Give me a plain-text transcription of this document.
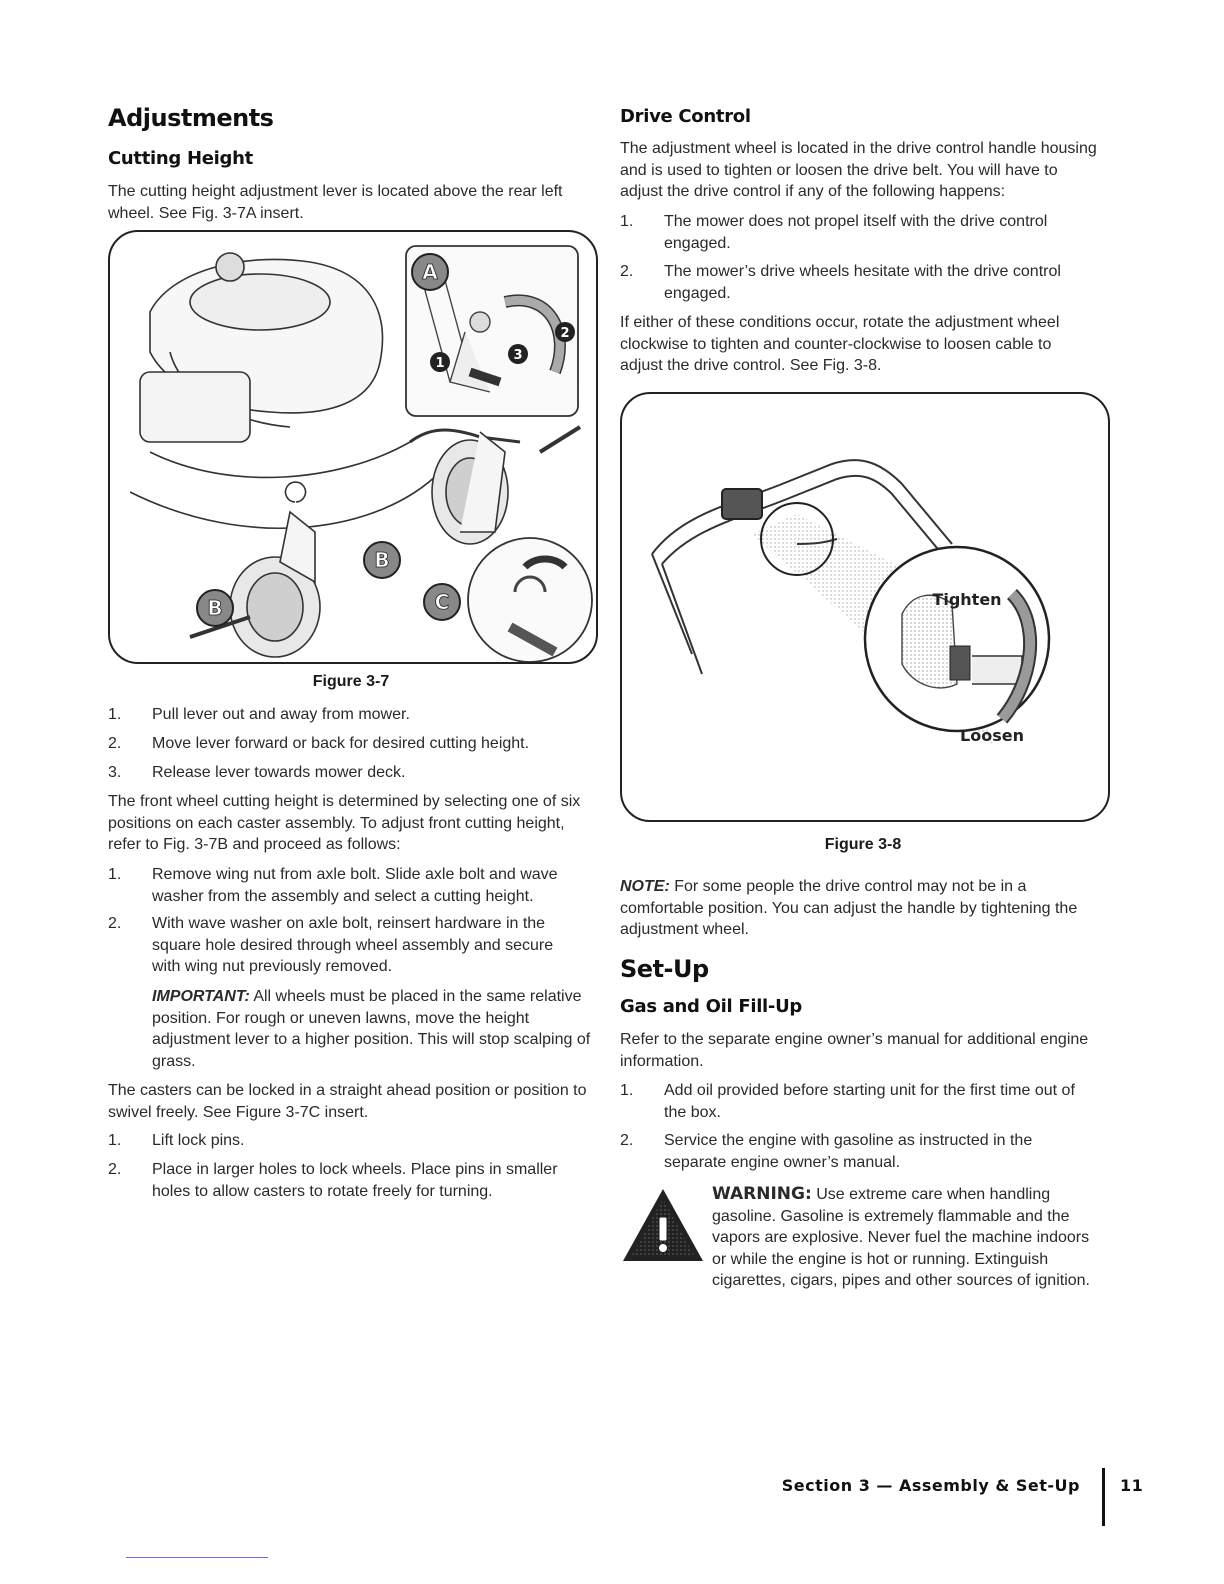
Adjustments
Cutting Height
The cutting height adjustment lever is located above the rear left wheel. See Fig. 3-7A insert.
A
B
B	C
1
2
3
Figure 3-7
1. Pull lever out and away from mower.
2. Move lever forward or back for desired cutting height.
3. Release lever towards mower deck.
The front wheel cutting height is determined by selecting one of six positions on each caster assembly. To adjust front cutting height, refer to Fig. 3-7B and proceed as follows:
1. Remove wing nut from axle bolt. Slide axle bolt and wave washer from the assembly and select a cutting height.
2. With wave washer on axle bolt, reinsert hardware in the square hole desired through wheel assembly and secure with wing nut previously removed.
IMPORTANT: All wheels must be placed in the same relative position. For rough or uneven lawns, move the height adjustment lever to a higher position. This will stop scalping of grass.
The casters can be locked in a straight ahead position or position to swivel freely. See Figure 3-7C insert.
1. Lift lock pins.
2. Place in larger holes to lock wheels. Place pins in smaller holes to allow casters to rotate freely for turning.
Drive Control
The adjustment wheel is located in the drive control handle housing and is used to tighten or loosen the drive belt. You will have to adjust the drive control if any of the following happens:
1. The mower does not propel itself with the drive control engaged.
2. The mower’s drive wheels hesitate with the drive control engaged.
If either of these conditions occur, rotate the adjustment wheel clockwise to tighten and counter-clockwise to loosen cable to adjust the drive control. See Fig. 3-8.
Tighten
Loosen
Figure 3-8
NOTE: For some people the drive control may not be in a comfortable position. You can adjust the handle by tightening the adjustment wheel.
Set-Up
Gas and Oil Fill-Up
Refer to the separate engine owner’s manual for additional engine information.
1. Add oil provided before starting unit for the first time out of the box.
2. Service the engine with gasoline as instructed in the separate engine owner’s manual.
WARNING: Use extreme care when handling gasoline. Gasoline is extremely flammable and the vapors are explosive. Never fuel the machine indoors or while the engine is hot or running. Extinguish cigarettes, cigars, pipes and other sources of ignition.
Section 3 — Assembly & Set-Up	11
